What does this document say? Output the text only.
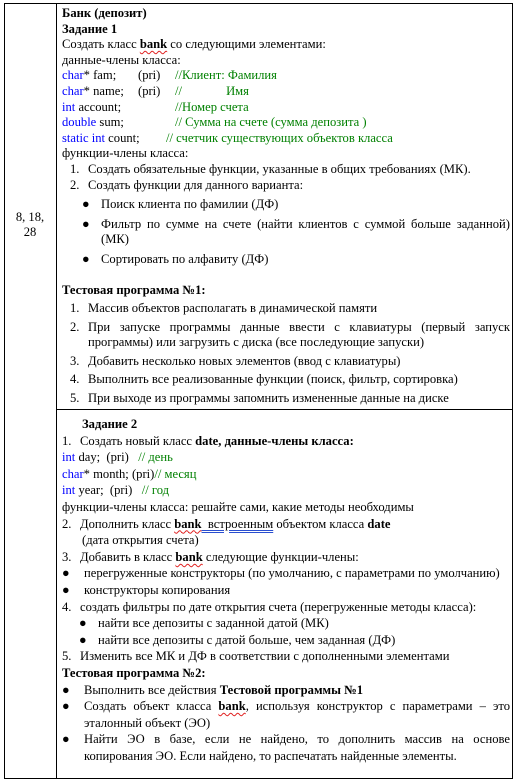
8, 18, 28
Банк (депозит)
Задание 1
Создать класс bank со следующими элементами:
данные-члены класса:
char* fam; (pri) //Клиент: Фамилия
char* name; (pri) //              Имя
int account;	//Номер счета
double sum;	// Сумма на счете (сумма депозита )
static int count; // счетчик существующих объектов класса
функции-члены класса:
1. Создать обязательные функции, указанные в общих требованиях (МК).
2. Создать функции для данного варианта:
● Поиск клиента по фамилии (ДФ)
● Фильтр по сумме на счете (найти клиентов с суммой больше заданной) (МК)
● Сортировать по алфавиту (ДФ)
Тестовая программа №1:
1. Массив объектов располагать в динамической памяти
2. При запуске программы данные ввести с клавиатуры (первый запуск программы) или загрузить с диска (все последующие запуски)
3. Добавить несколько новых элементов (ввод с клавиатуры)
4. Выполнить все реализованные функции (поиск, фильтр, сортировка)
5. При выходе из программы запомнить измененные данные на диске
Задание 2
1. Создать новый класс date, данные-члены класса:
int day;  (pri)   // день
char* month; (pri)// месяц
int year;  (pri)   // год
функции-члены класса: решайте сами, какие методы необходимы
2. Дополнить класс bank  встроенным объектом класса date
(дата открытия счета)
3. Добавить в класс bank следующие функции-члены:
● перегруженные конструкторы (по умолчанию, с параметрами по умолчанию)
● конструкторы копирования
4. создать фильтры по дате открытия счета (перегруженные методы класса):
● найти все депозиты с заданной датой (МК)
● найти все депозиты с датой больше, чем заданная (ДФ)
5. Изменить все МК и ДФ в соответствии с дополненными элементами
Тестовая программа №2:
● Выполнить все действия Тестовой программы №1
● Создать объект класса bank, используя конструктор с параметрами – это эталонный объект (ЭО)
● Найти ЭО в базе, если не найдено, то дополнить массив на основе копирования ЭО. Если найдено, то распечатать найденные элементы.
